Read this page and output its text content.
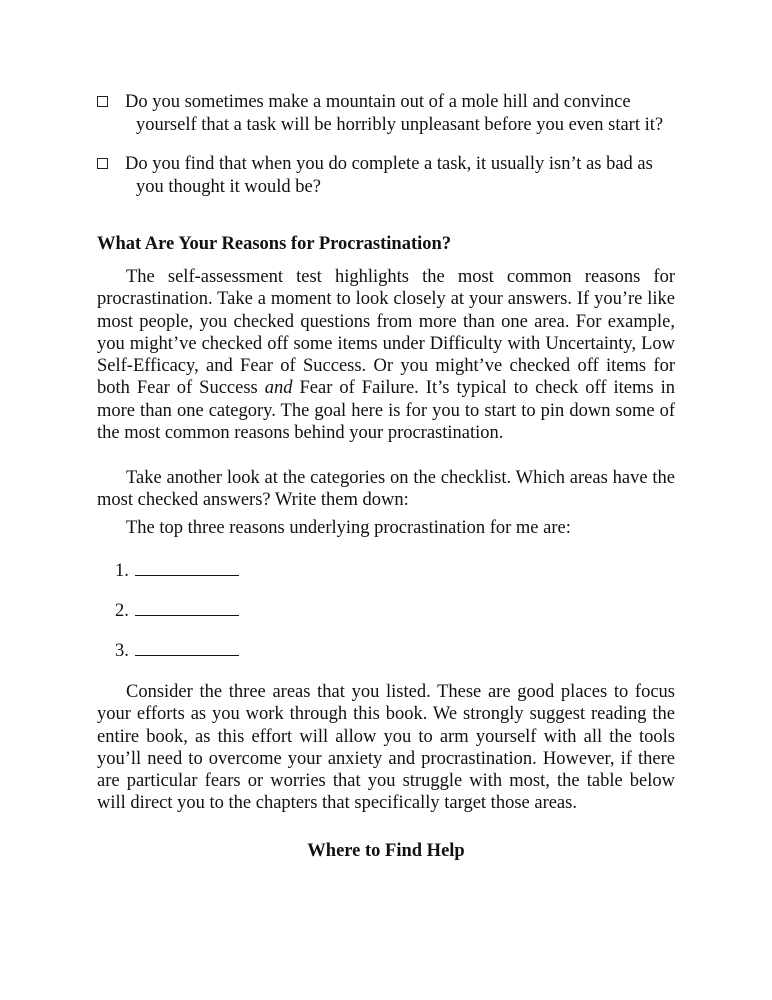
Do you sometimes make a mountain out of a mole hill and convince
yourself that a task will be horribly unpleasant before you even start it?
Do you find that when you do complete a task, it usually isn’t as bad as
you thought it would be?
What Are Your Reasons for Procrastination?
The self-assessment test highlights the most common reasons for procrastination. Take a moment to look closely at your answers. If you’re like most people, you checked questions from more than one area. For example, you might’ve checked off some items under Difficulty with Uncertainty, Low Self-Efficacy, and Fear of Success. Or you might’ve checked off items for both Fear of Success and Fear of Failure. It’s typical to check off items in more than one category. The goal here is for you to start to pin down some of the most common reasons behind your procrastination.
Take another look at the categories on the checklist. Which areas have the most checked answers? Write them down:
The top three reasons underlying procrastination for me are:
1.
2.
3.
Consider the three areas that you listed. These are good places to focus your efforts as you work through this book. We strongly suggest reading the entire book, as this effort will allow you to arm yourself with all the tools you’ll need to overcome your anxiety and procrastination. However, if there are particular fears or worries that you struggle with most, the table below will direct you to the chapters that specifically target those areas.
Where to Find Help
